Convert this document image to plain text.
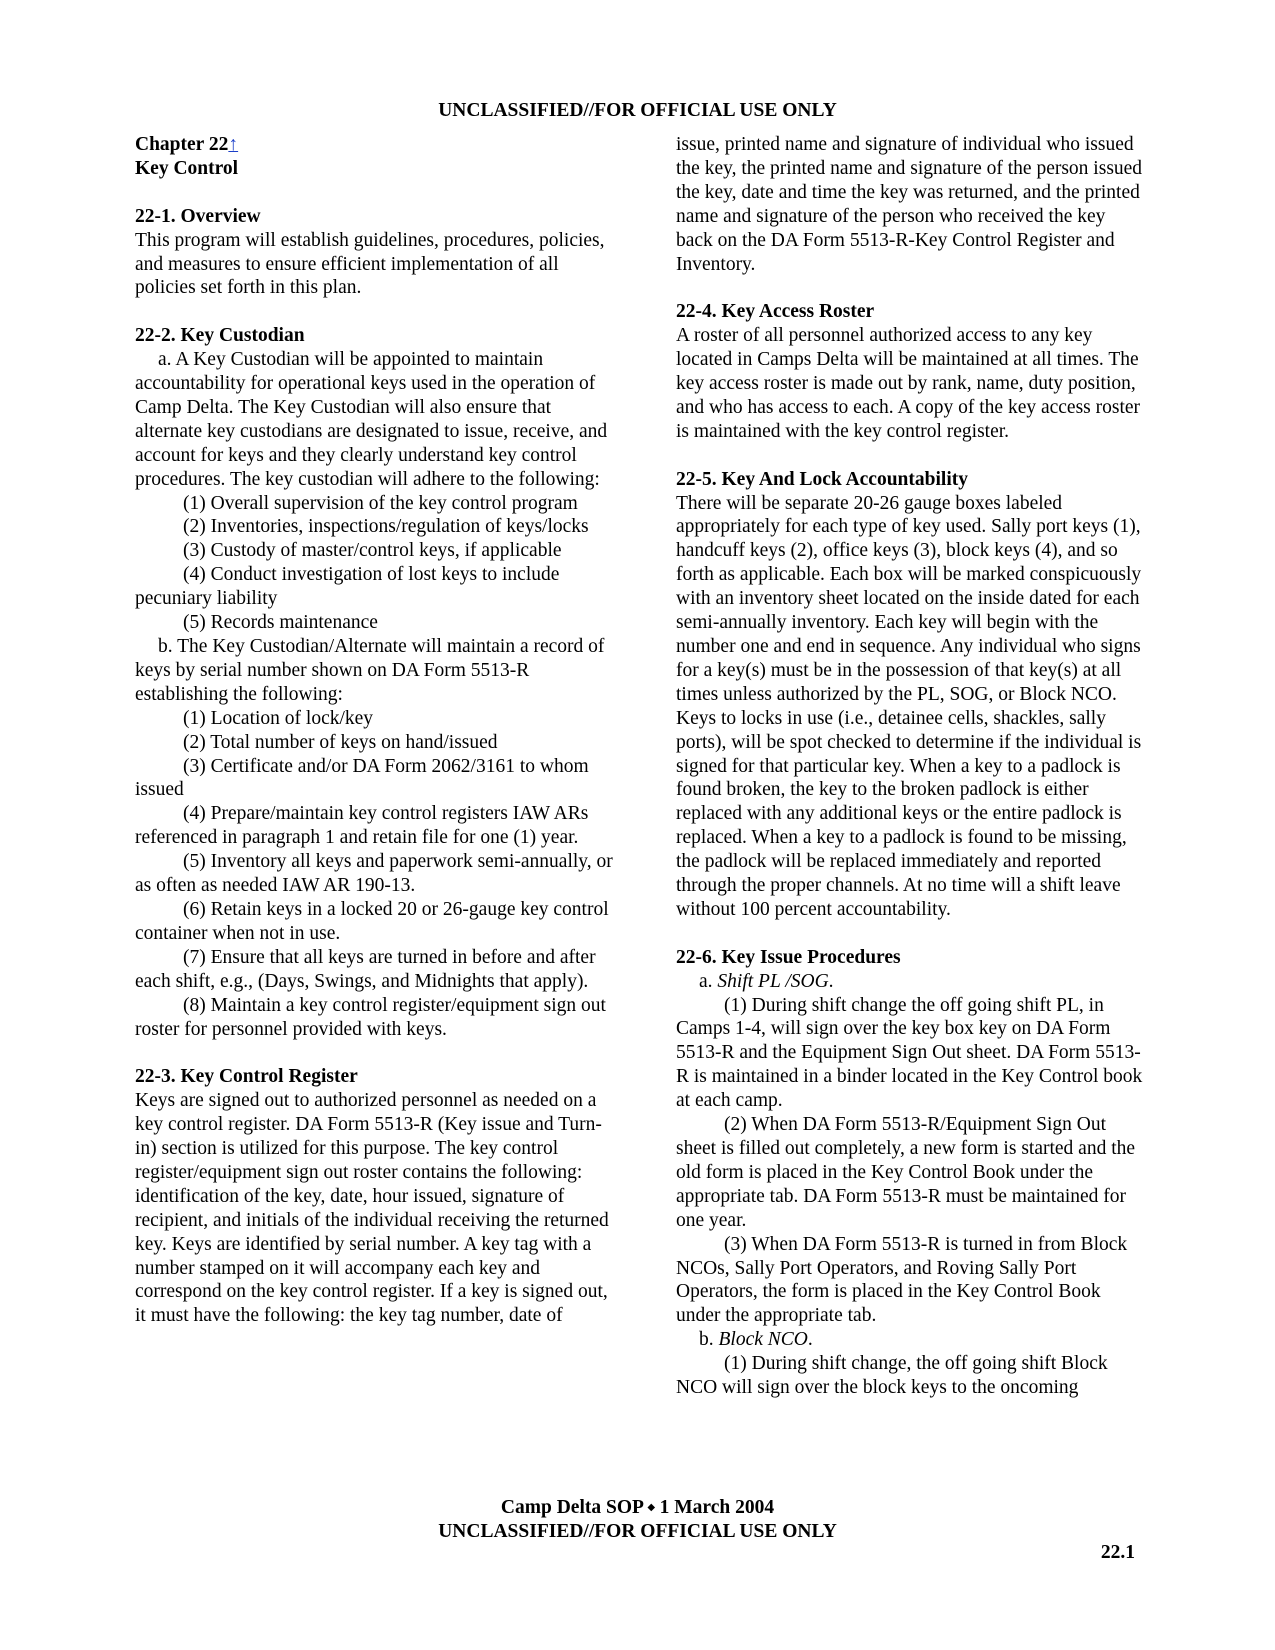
UNCLASSIFIED//FOR OFFICIAL USE ONLY

Chapter 22↑

Key Control

22-1. Overview

This program will establish guidelines, procedures, policies, and measures to ensure efficient implementation of all policies set forth in this plan.

22-2. Key Custodian

a. A Key Custodian will be appointed to maintain accountability for operational keys used in the operation of Camp Delta. The Key Custodian will also ensure that alternate key custodians are designated to issue, receive, and account for keys and they clearly understand key control procedures. The key custodian will adhere to the following:

(1) Overall supervision of the key control program

(2) Inventories, inspections/regulation of keys/locks

(3) Custody of master/control keys, if applicable

(4) Conduct investigation of lost keys to include pecuniary liability

(5) Records maintenance

b. The Key Custodian/Alternate will maintain a record of keys by serial number shown on DA Form 5513-R establishing the following:

(1) Location of lock/key

(2) Total number of keys on hand/issued

(3) Certificate and/or DA Form 2062/3161 to whom issued

(4) Prepare/maintain key control registers IAW ARs referenced in paragraph 1 and retain file for one (1) year.

(5) Inventory all keys and paperwork semi-annually, or as often as needed IAW AR 190-13.

(6) Retain keys in a locked 20 or 26-gauge key control container when not in use.

(7) Ensure that all keys are turned in before and after each shift, e.g., (Days, Swings, and Midnights that apply).

(8) Maintain a key control register/equipment sign out roster for personnel provided with keys.

22-3. Key Control Register

Keys are signed out to authorized personnel as needed on a key control register. DA Form 5513-R (Key issue and Turn-in) section is utilized for this purpose. The key control register/equipment sign out roster contains the following: identification of the key, date, hour issued, signature of recipient, and initials of the individual receiving the returned key. Keys are identified by serial number. A key tag with a number stamped on it will accompany each key and correspond on the key control register. If a key is signed out, it must have the following: the key tag number, date of

issue, printed name and signature of individual who issued the key, the printed name and signature of the person issued the key, date and time the key was returned, and the printed name and signature of the person who received the key back on the DA Form 5513-R-Key Control Register and Inventory.

22-4. Key Access Roster

A roster of all personnel authorized access to any key located in Camps Delta will be maintained at all times. The key access roster is made out by rank, name, duty position, and who has access to each. A copy of the key access roster is maintained with the key control register.

22-5. Key And Lock Accountability

There will be separate 20-26 gauge boxes labeled appropriately for each type of key used. Sally port keys (1), handcuff keys (2), office keys (3), block keys (4), and so forth as applicable. Each box will be marked conspicuously with an inventory sheet located on the inside dated for each semi-annually inventory. Each key will begin with the number one and end in sequence. Any individual who signs for a key(s) must be in the possession of that key(s) at all times unless authorized by the PL, SOG, or Block NCO. Keys to locks in use (i.e., detainee cells, shackles, sally ports), will be spot checked to determine if the individual is signed for that particular key. When a key to a padlock is found broken, the key to the broken padlock is either replaced with any additional keys or the entire padlock is replaced. When a key to a padlock is found to be missing, the padlock will be replaced immediately and reported through the proper channels. At no time will a shift leave without 100 percent accountability.

22-6. Key Issue Procedures

a. Shift PL /SOG.

(1) During shift change the off going shift PL, in Camps 1-4, will sign over the key box key on DA Form 5513-R and the Equipment Sign Out sheet. DA Form 5513-R is maintained in a binder located in the Key Control book at each camp.

(2) When DA Form 5513-R/Equipment Sign Out sheet is filled out completely, a new form is started and the old form is placed in the Key Control Book under the appropriate tab. DA Form 5513-R must be maintained for one year.

(3) When DA Form 5513-R is turned in from Block NCOs, Sally Port Operators, and Roving Sally Port Operators, the form is placed in the Key Control Book under the appropriate tab.

b. Block NCO.

(1) During shift change, the off going shift Block NCO will sign over the block keys to the oncoming

Camp Delta SOP ⬩ 1 March 2004
UNCLASSIFIED//FOR OFFICIAL USE ONLY
22.1
